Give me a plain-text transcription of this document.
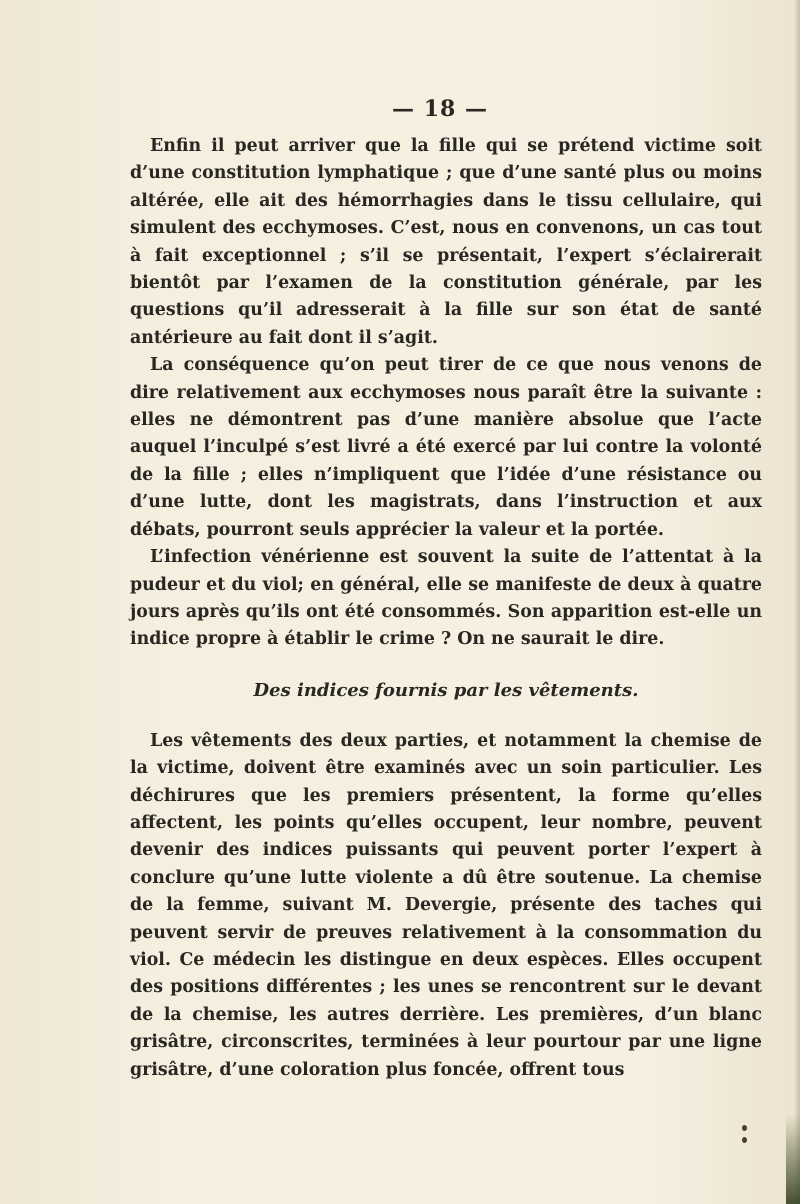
— 18 —

Enfin il peut arriver que la fille qui se prétend victime soit d’une constitution lymphatique ; que d’une santé plus ou moins altérée, elle ait des hémorrhagies dans le tissu cellulaire, qui simulent des ecchymoses. C’est, nous en convenons, un cas tout à fait exceptionnel ; s’il se présentait, l’expert s’éclairerait bientôt par l’examen de la constitution générale, par les questions qu’il adresserait à la fille sur son état de santé antérieure au fait dont il s’agit.

La conséquence qu’on peut tirer de ce que nous venons de dire relativement aux ecchymoses nous paraît être la suivante : elles ne démontrent pas d’une manière absolue que l’acte auquel l’inculpé s’est livré a été exercé par lui contre la volonté de la fille ; elles n’impliquent que l’idée d’une résistance ou d’une lutte, dont les magistrats, dans l’instruction et aux débats, pourront seuls apprécier la valeur et la portée.

L’infection vénérienne est souvent la suite de l’attentat à la pudeur et du viol; en général, elle se manifeste de deux à quatre jours après qu’ils ont été consommés. Son apparition est-elle un indice propre à établir le crime ? On ne saurait le dire.

Des indices fournis par les vêtements.

Les vêtements des deux parties, et notamment la chemise de la victime, doivent être examinés avec un soin particulier. Les déchirures que les premiers présentent, la forme qu’elles affectent, les points qu’elles occupent, leur nombre, peuvent devenir des indices puissants qui peuvent porter l’expert à conclure qu’une lutte violente a dû être soutenue. La chemise de la femme, suivant M. Devergie, présente des taches qui peuvent servir de preuves relativement à la consommation du viol. Ce médecin les distingue en deux espèces. Elles occupent des positions différentes ; les unes se rencontrent sur le devant de la chemise, les autres derrière. Les premières, d’un blanc grisâtre, circonscrites, terminées à leur pourtour par une ligne grisâtre, d’une coloration plus foncée, offrent tous
